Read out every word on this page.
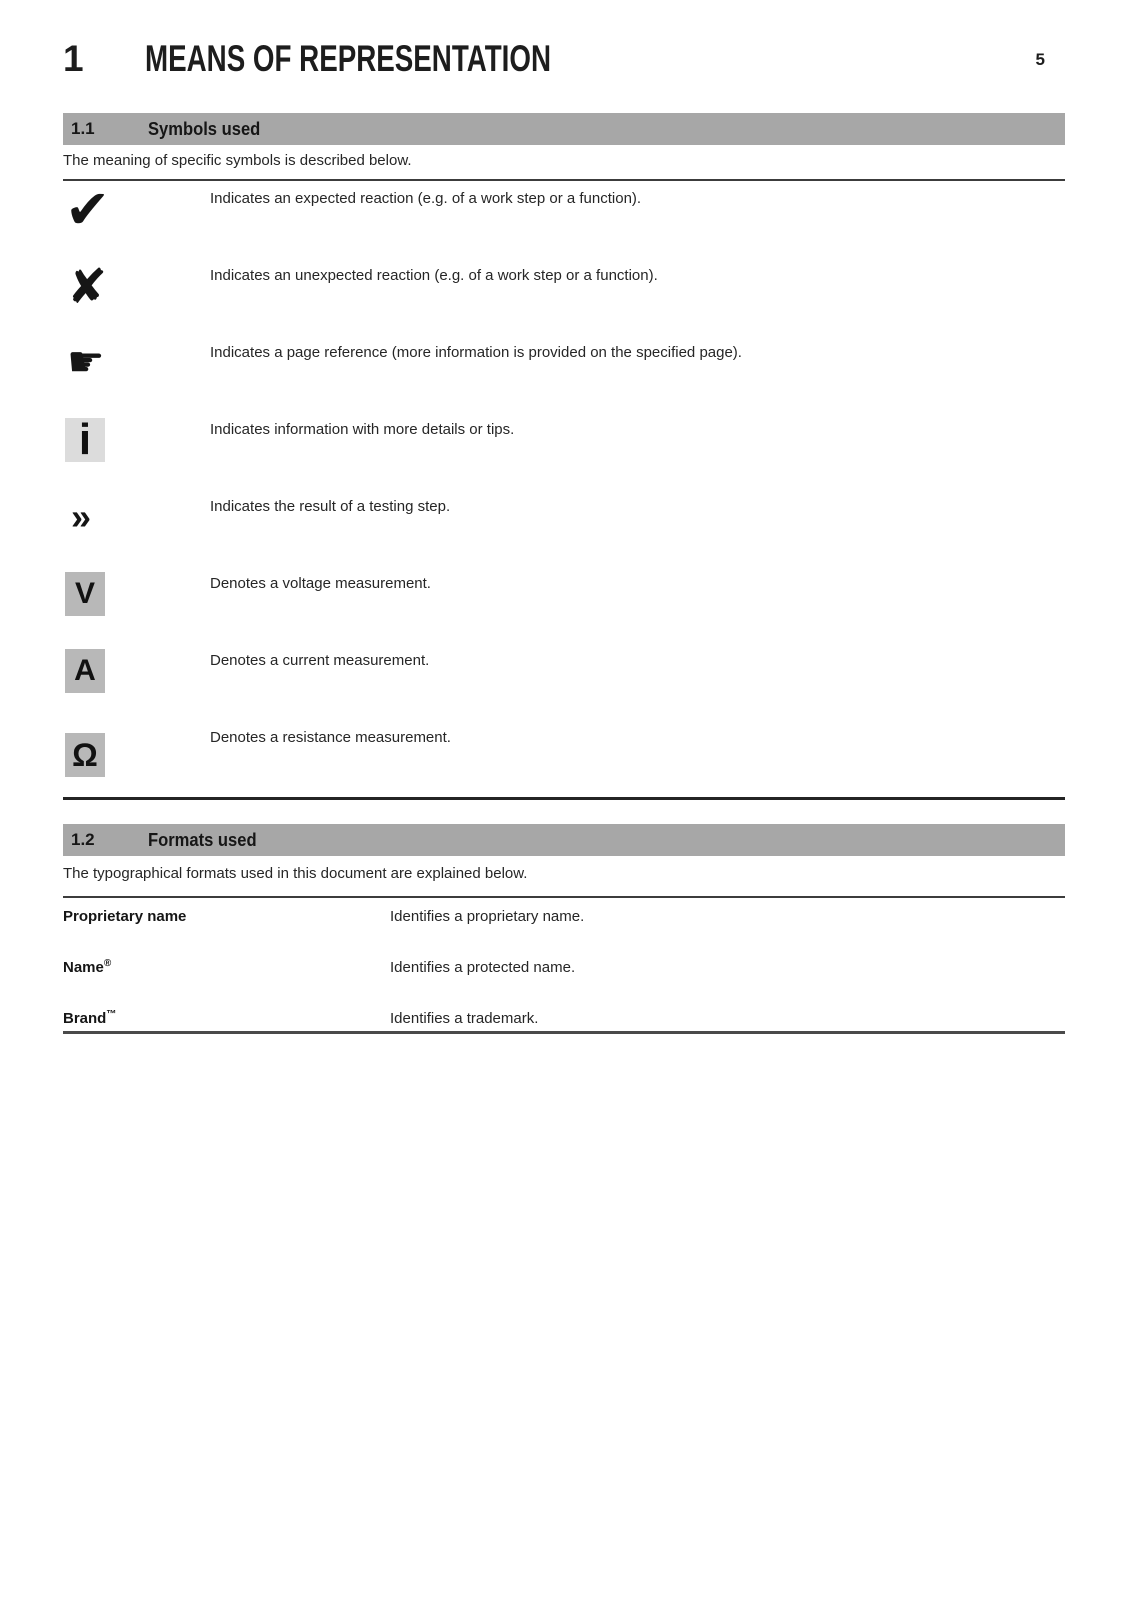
5
1	MEANS OF REPRESENTATION
1.1	Symbols used
The meaning of specific symbols is described below.
✔	Indicates an expected reaction (e.g. of a work step or a function).
✘	Indicates an unexpected reaction (e.g. of a work step or a function).
☛	Indicates a page reference (more information is provided on the specified page).
i	Indicates information with more details or tips.
»	Indicates the result of a testing step.
V	Denotes a voltage measurement.
A	Denotes a current measurement.
Ω	Denotes a resistance measurement.
1.2	Formats used
The typographical formats used in this document are explained below.
Proprietary name	Identifies a proprietary name.
Name®	Identifies a protected name.
Brand™	Identifies a trademark.
